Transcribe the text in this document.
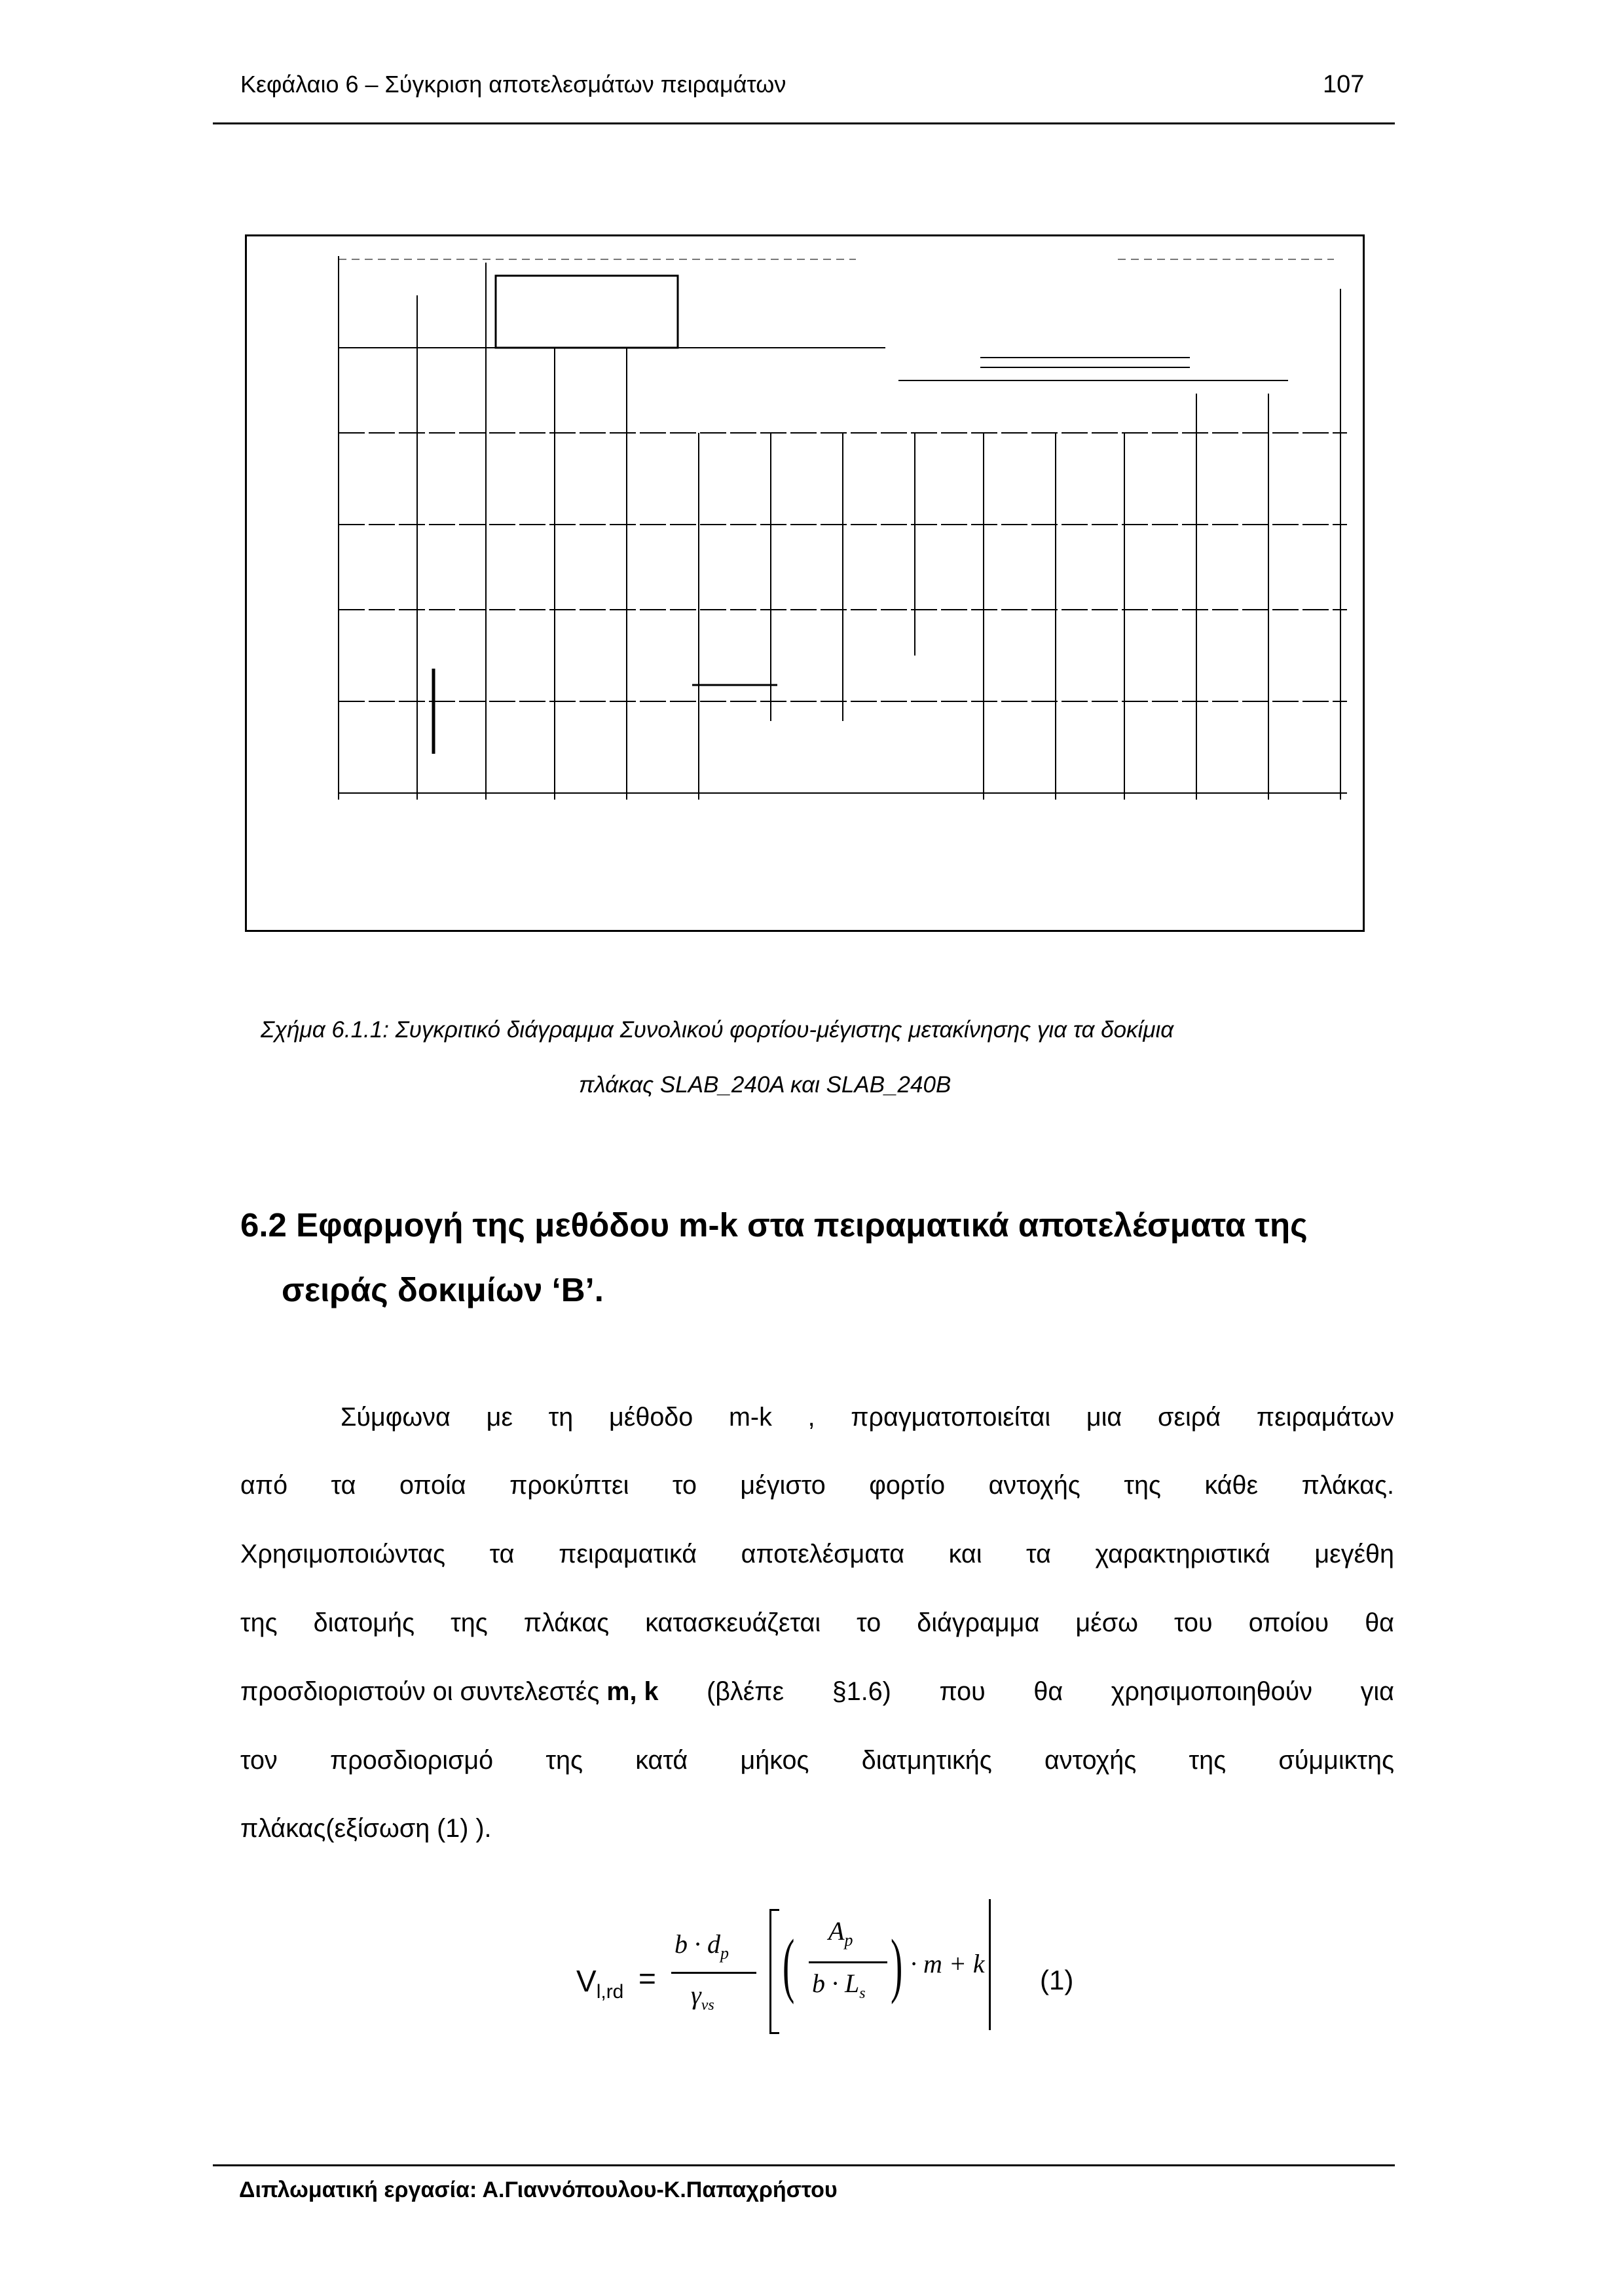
Κεφάλαιο 6 – Σύγκριση αποτελεσμάτων πειραμάτων	107
Σχήμα 6.1.1: Συγκριτικό διάγραμμα Συνολικού φορτίου-μέγιστης μετακίνησης για τα δοκίμια
πλάκας SLAB_240A και SLAB_240B
6.2 Εφαρμογή της μεθόδου m-k στα πειραματικά αποτελέσματα της
σειράς δοκιμίων ‘Β’.
Σύμφωνα με τη μέθοδο m-k , πραγματοποιείται μια σειρά πειραμάτων
από τα οποία προκύπτει το μέγιστο φορτίο αντοχής της κάθε πλάκας.
Χρησιμοποιώντας τα πειραματικά αποτελέσματα και τα χαρακτηριστικά μεγέθη
της διατομής της πλάκας κατασκευάζεται το διάγραμμα μέσω του οποίου θα
προσδιοριστούν οι συντελεστές m, k (βλέπε §1.6) που θα χρησιμοποιηθούν για
τον προσδιορισμό της κατά μήκος διατμητικής αντοχής της σύμμικτης
πλάκας(εξίσωση (1) ).
$V_{l,rd}$ =
$b \cdot d_p$
$\gamma_{vs}$
( $A_p$
$b \cdot L_s$ ) · m + k
(1)
Διπλωματική εργασία: Α.Γιαννόπουλου-Κ.Παπαχρήστου
